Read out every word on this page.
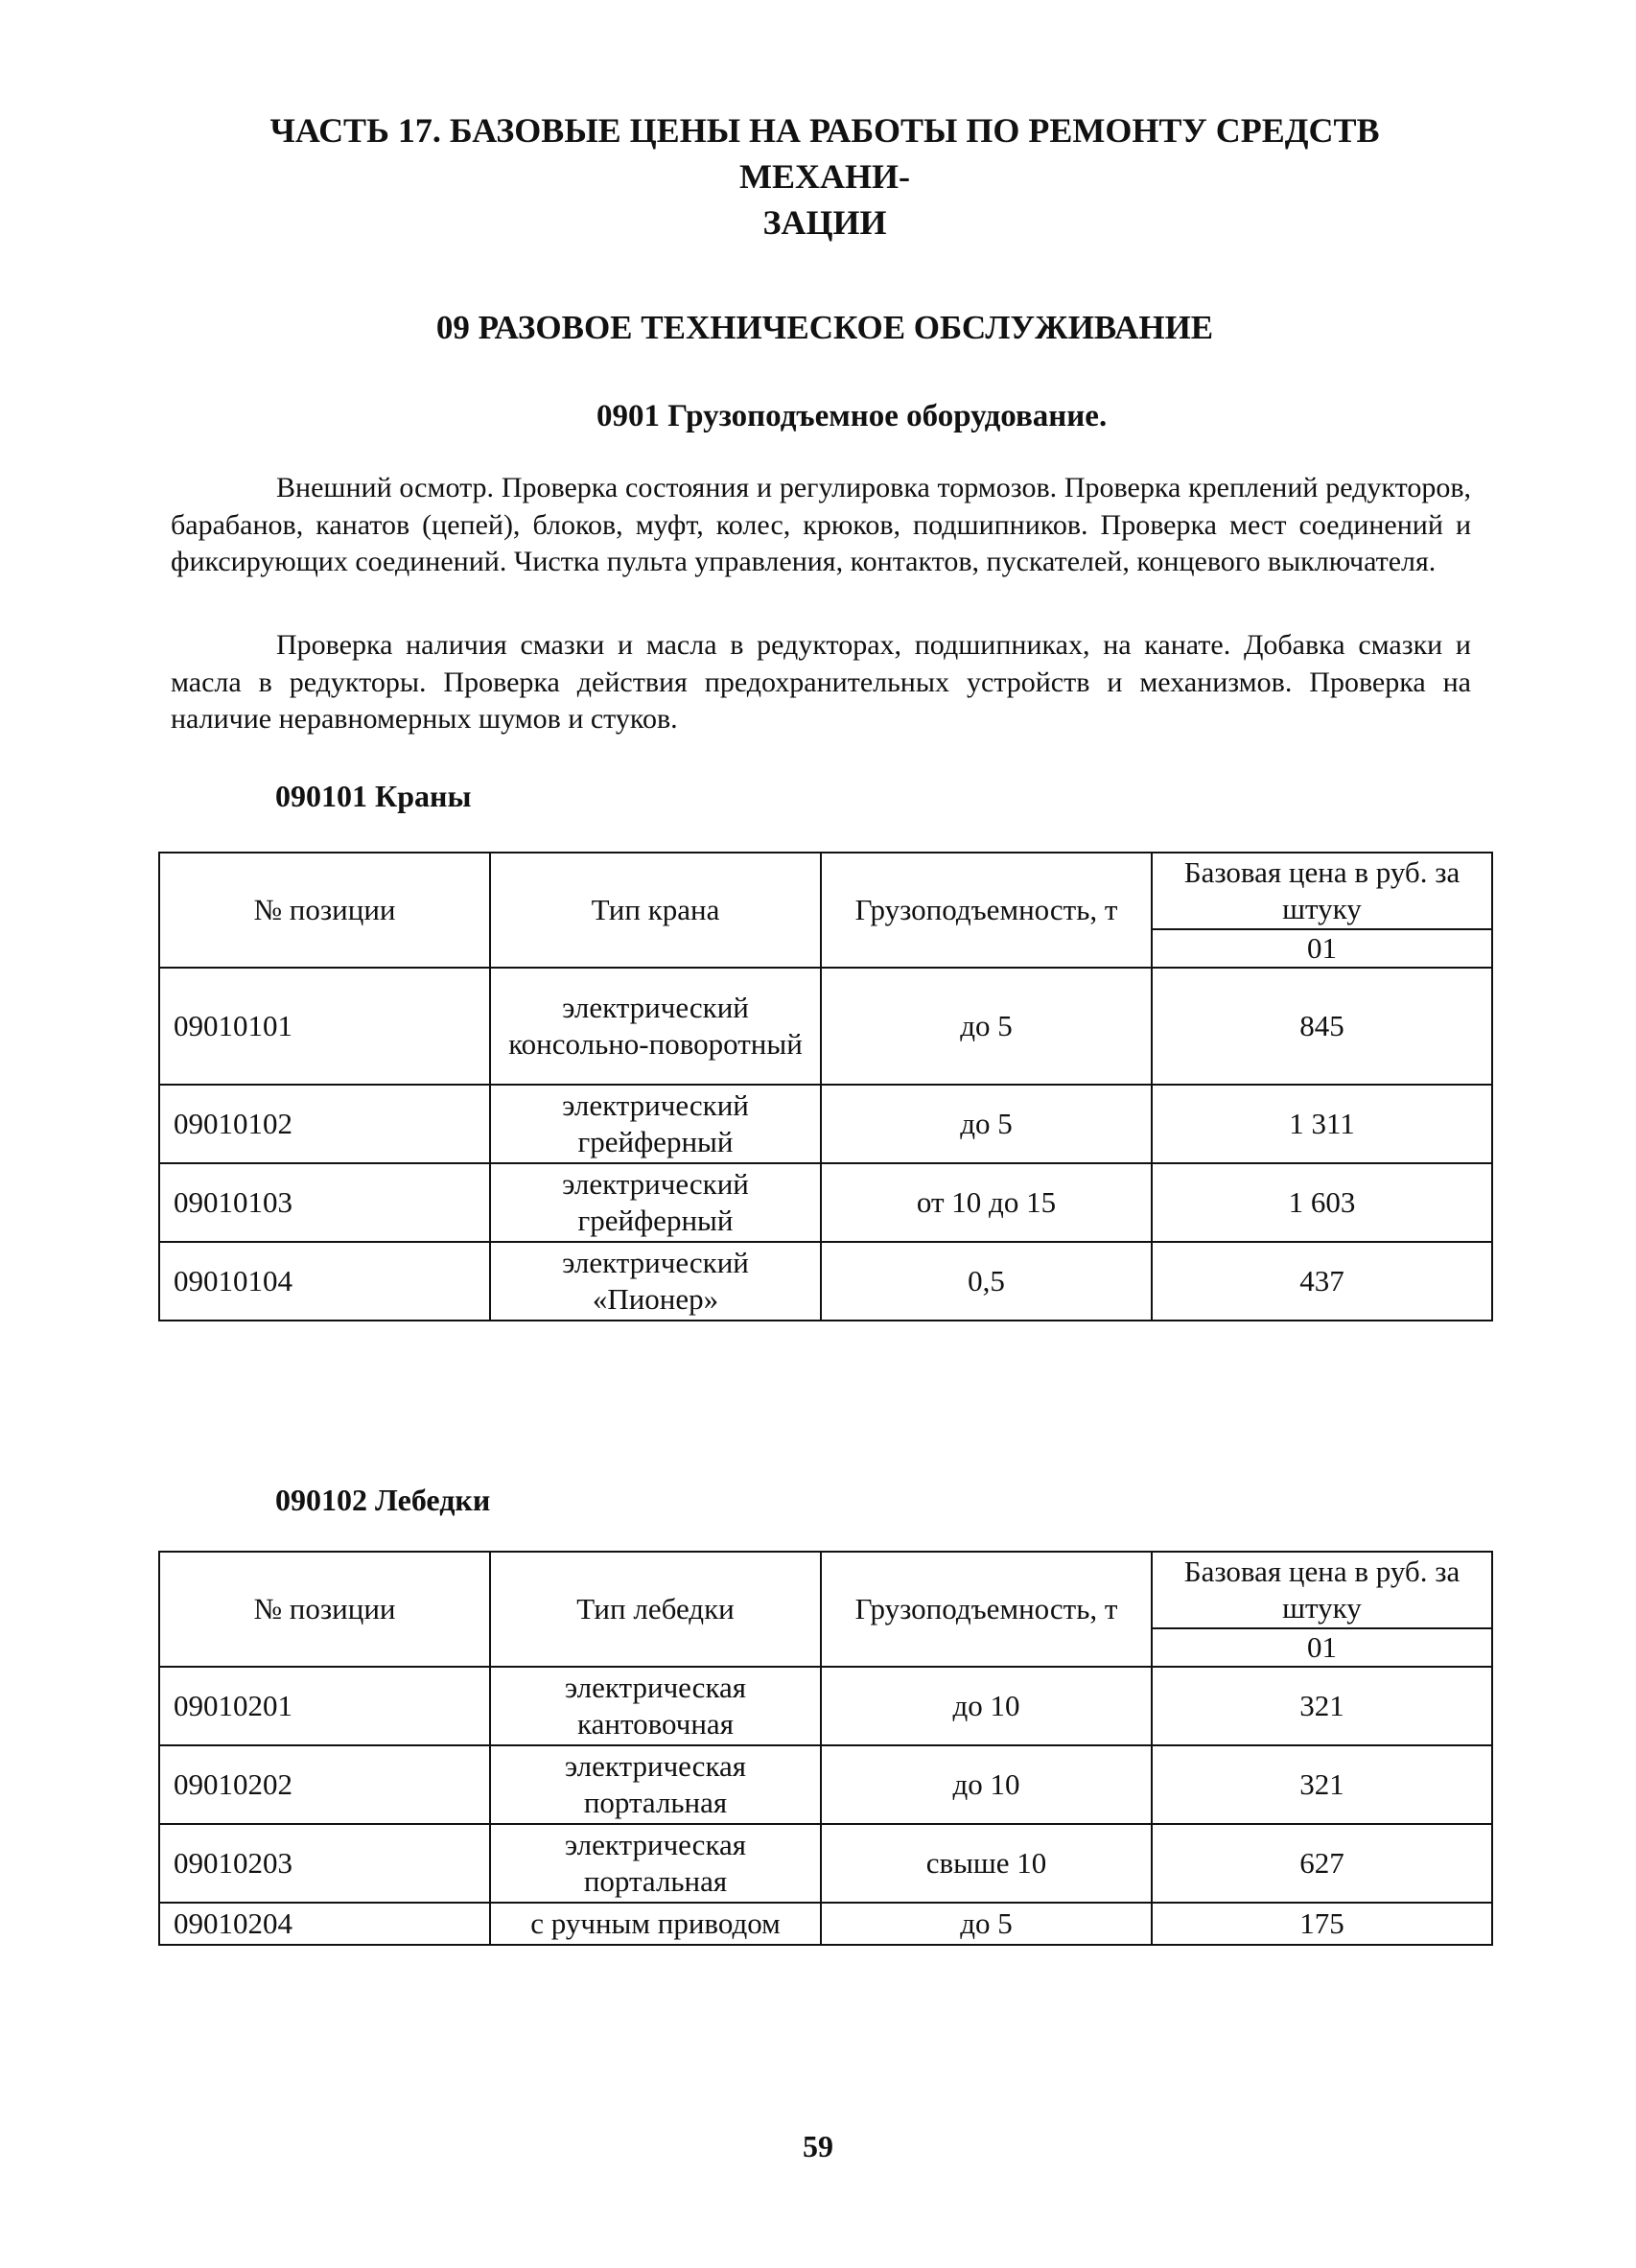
ЧАСТЬ 17. БАЗОВЫЕ ЦЕНЫ НА РАБОТЫ ПО РЕМОНТУ СРЕДСТВ МЕХАНИ-
ЗАЦИИ
09 РАЗОВОЕ ТЕХНИЧЕСКОЕ ОБСЛУЖИВАНИЕ
0901 Грузоподъемное оборудование.

Внешний осмотр. Проверка состояния и регулировка тормозов. Проверка креплений редукторов, барабанов, канатов (цепей), блоков, муфт, колес, крюков, подшипников. Проверка мест соединений и фиксирующих соединений. Чистка пульта управления, контактов, пускателей, концевого выключателя.

Проверка наличия смазки и масла в редукторах, подшипниках, на канате. Добавка смазки и масла в редукторы. Проверка действия предохранительных устройств и механизмов. Проверка на наличие неравномерных шумов и стуков.

090101 Краны
№ позиции	Тип крана	Грузоподъемность, т	Базовая цена в руб. за штуку
			01
09010101	электрический консольно-поворотный	до 5	845
09010102	электрический грейферный	до 5	1 311
09010103	электрический грейферный	от 10 до 15	1 603
09010104	электрический «Пионер»	0,5	437
090102 Лебедки
№ позиции	Тип лебедки	Грузоподъемность, т	Базовая цена в руб. за штуку
			01
09010201	электрическая кантовочная	до 10	321
09010202	электрическая портальная	до 10	321
09010203	электрическая портальная	свыше 10	627
09010204	с ручным приводом	до 5	175
59
